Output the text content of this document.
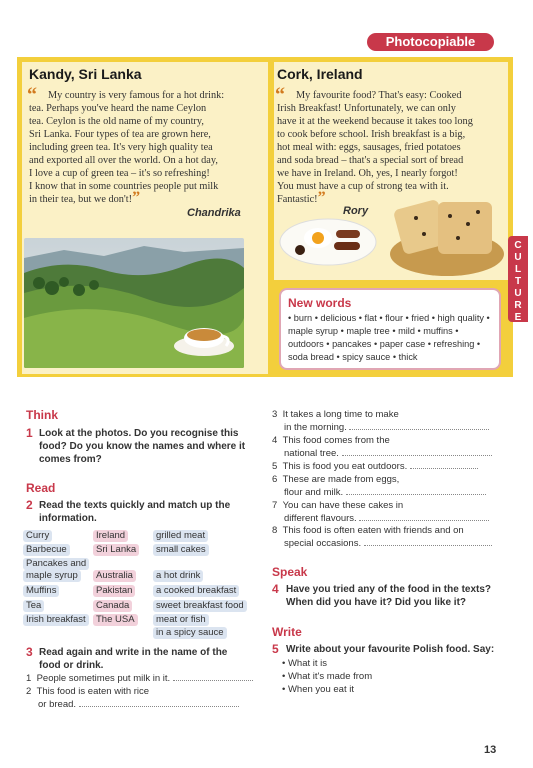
Photocopiable
Kandy, Sri Lanka
“	My country is very famous for a hot drink:
tea. Perhaps you've heard the name Ceylon
tea. Ceylon is the old name of my country,
Sri Lanka. Four types of tea are grown here,
including green tea. It's very high quality tea
and exported all over the world. On a hot day,
I love a cup of green tea – it's so refreshing!
I know that in some countries people put milk
in their tea, but we don't!”
Chandrika
Cork, Ireland
“	My favourite food? That's easy: Cooked
Irish Breakfast! Unfortunately, we can only
have it at the weekend because it takes too long
to cook before school. Irish breakfast is a big,
hot meal with: eggs, sausages, fried potatoes
and soda bread – that's a special sort of bread
we have in Ireland. Oh, yes, I nearly forgot!
You must have a cup of strong tea with it.
Fantastic!”
Rory
C
U
L
T
U
R
E
New words
• burn • delicious • flat • flour • fried • high quality • maple syrup • maple tree • mild • muffins • outdoors • pancakes • paper case • refreshing • soda bread • spicy sauce • thick
Think
1 Look at the photos. Do you recognise this food? Do you know the names and where it comes from?
Read
2 Read the texts quickly and match up the information.
Curry
Barbecue
Pancakes and
maple syrup
Muffins
Tea
Irish breakfast
Ireland
Sri Lanka
Australia
Pakistan
Canada
The USA
grilled meat
small cakes
a hot drink
a cooked breakfast
sweet breakfast food
meat or fish
in a spicy sauce
3 Read again and write in the name of the food or drink.
1 People sometimes put milk in it.
2 This food is eaten with rice
or bread.
3 It takes a long time to make
in the morning.
4 This food comes from the
national tree.
5 This is food you eat outdoors.
6 These are made from eggs,
flour and milk.
7 You can have these cakes in
different flavours.
8 This food is often eaten with friends and on
special occasions.
Speak
4 Have you tried any of the food in the texts? When did you have it? Did you like it?
Write
5 Write about your favourite Polish food. Say:
• What it is
• What it's made from
• When you eat it
13
